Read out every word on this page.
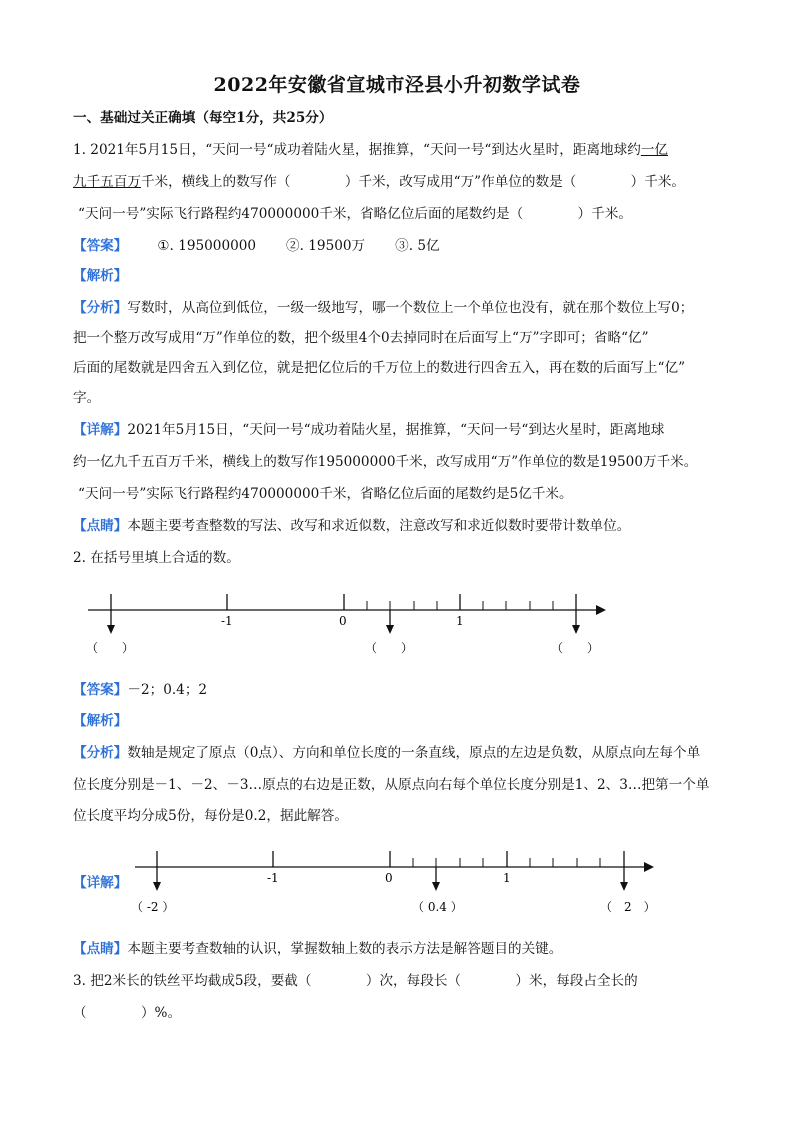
2022年安徽省宣城市泾县小升初数学试卷
一、基础过关正确填（每空1分，共25分）
1. 2021年5月15日，“天问一号“成功着陆火星，据推算，“天问一号“到达火星时，距离地球约一亿
九千五百万千米，横线上的数写作（　　　　）千米，改写成用“万”作单位的数是（　　　　）千米。
“天问一号”实际飞行路程约470000000千米，省略亿位后面的尾数约是（　　　　）千米。
【答案】 ①. 195000000 ②. 19500万 ③. 5亿
【解析】
【分析】写数时，从高位到低位，一级一级地写，哪一个数位上一个单位也没有，就在那个数位上写0；
把一个整万改写成用“万”作单位的数，把个级里4个0去掉同时在后面写上“万”字即可；省略“亿”
后面的尾数就是四舍五入到亿位，就是把亿位后的千万位上的数进行四舍五入，再在数的后面写上“亿”
字。
【详解】2021年5月15日，“天问一号“成功着陆火星，据推算，“天问一号“到达火星时，距离地球
约一亿九千五百万千米，横线上的数写作195000000千米，改写成用“万”作单位的数是19500万千米。
“天问一号”实际飞行路程约470000000千米，省略亿位后面的尾数约是5亿千米。
【点睛】本题主要考查整数的写法、改写和求近似数，注意改写和求近似数时要带计数单位。
2. 在括号里填上合适的数。
-1	0	1
（　　）	（　　）	（　　）
-1	0	1
（ -2 ）	（ 0.4 ）	（　2　）
【答案】－2；0.4；2
【解析】
【分析】数轴是规定了原点（0点）、方向和单位长度的一条直线，原点的左边是负数，从原点向左每个单
位长度分别是－1、－2、－3…原点的右边是正数，从原点向右每个单位长度分别是1、2、3…把第一个单
位长度平均分成5份，每份是0.2，据此解答。
【详解】
【点睛】本题主要考查数轴的认识，掌握数轴上数的表示方法是解答题目的关键。
3. 把2米长的铁丝平均截成5段，要截（　　　　）次，每段长（　　　　）米，每段占全长的
（　　　　）%。
